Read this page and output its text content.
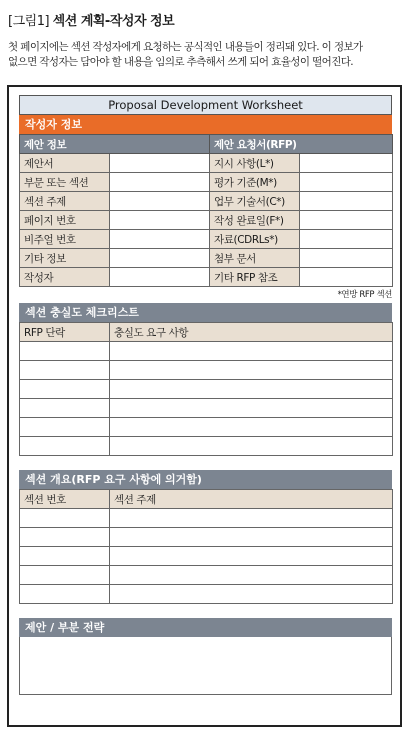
[그림1] 섹션 계획-작성자 정보
첫 페이지에는 섹션 작성자에게 요청하는 공식적인 내용들이 정리돼 있다. 이 정보가
없으면 작성자는 담아야 할 내용을 임의로 추측해서 쓰게 되어 효율성이 떨어진다.
Proposal Development Worksheet
작성자 정보
제안 정보		제안 요청서(RFP)	
제안서		지시 사항(L*)	
부문 또는 섹션		평가 기준(M*)	
섹션 주제		업무 기술서(C*)	
페이지 번호		작성 완료일(F*)	
비주얼 번호		자료(CDRLs*)	
기타 정보		첨부 문서	
작성자		기타 RFP 참조	
*연방 RFP 섹션
섹션 충실도 체크리스트
RFP 단락	충실도 요구 사항

섹션 개요(RFP 요구 사항에 의거함)
섹션 번호	섹션 주제

제안 / 부분 전략
